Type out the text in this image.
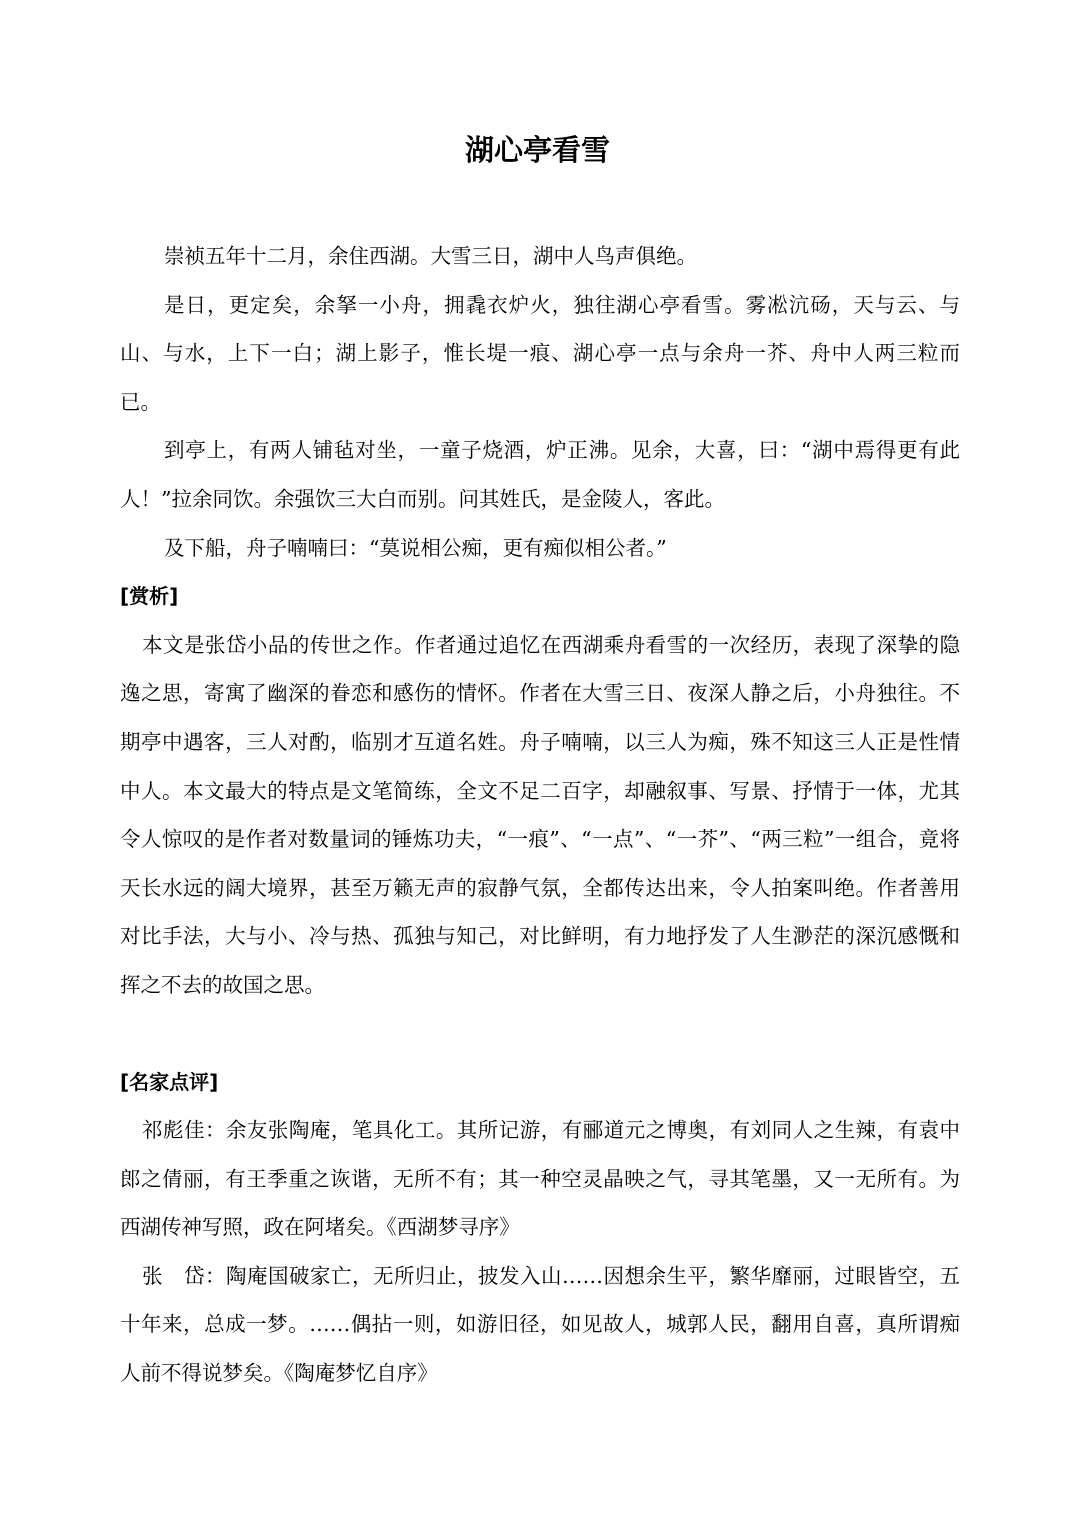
湖心亭看雪

崇祯五年十二月，余住西湖。大雪三日，湖中人鸟声俱绝。

是日，更定矣，余拏一小舟，拥毳衣炉火，独往湖心亭看雪。雾凇沆砀，天与云、与山、与水，上下一白；湖上影子，惟长堤一痕、湖心亭一点与余舟一芥、舟中人两三粒而已。

到亭上，有两人铺毡对坐，一童子烧酒，炉正沸。见余，大喜，曰：“湖中焉得更有此人！”拉余同饮。余强饮三大白而别。问其姓氏，是金陵人，客此。

及下船，舟子喃喃曰：“莫说相公痴，更有痴似相公者。”

[赏析]

本文是张岱小品的传世之作。作者通过追忆在西湖乘舟看雪的一次经历，表现了深挚的隐逸之思，寄寓了幽深的眷恋和感伤的情怀。作者在大雪三日、夜深人静之后，小舟独往。不期亭中遇客，三人对酌，临别才互道名姓。舟子喃喃，以三人为痴，殊不知这三人正是性情中人。本文最大的特点是文笔简练，全文不足二百字，却融叙事、写景、抒情于一体，尤其令人惊叹的是作者对数量词的锤炼功夫，“一痕”、“一点”、“一芥”、“两三粒”一组合，竟将天长水远的阔大境界，甚至万籁无声的寂静气氛，全都传达出来，令人拍案叫绝。作者善用对比手法，大与小、冷与热、孤独与知己，对比鲜明，有力地抒发了人生渺茫的深沉感慨和挥之不去的故国之思。

[名家点评]

祁彪佳：余友张陶庵，笔具化工。其所记游，有郦道元之博奥，有刘同人之生辣，有袁中郎之倩丽，有王季重之诙谐，无所不有；其一种空灵晶映之气，寻其笔墨，又一无所有。为西湖传神写照，政在阿堵矣。《西湖梦寻序》

张　岱：陶庵国破家亡，无所归止，披发入山……因想余生平，繁华靡丽，过眼皆空，五十年来，总成一梦。……偶拈一则，如游旧径，如见故人，城郭人民，翻用自喜，真所谓痴人前不得说梦矣。《陶庵梦忆自序》
